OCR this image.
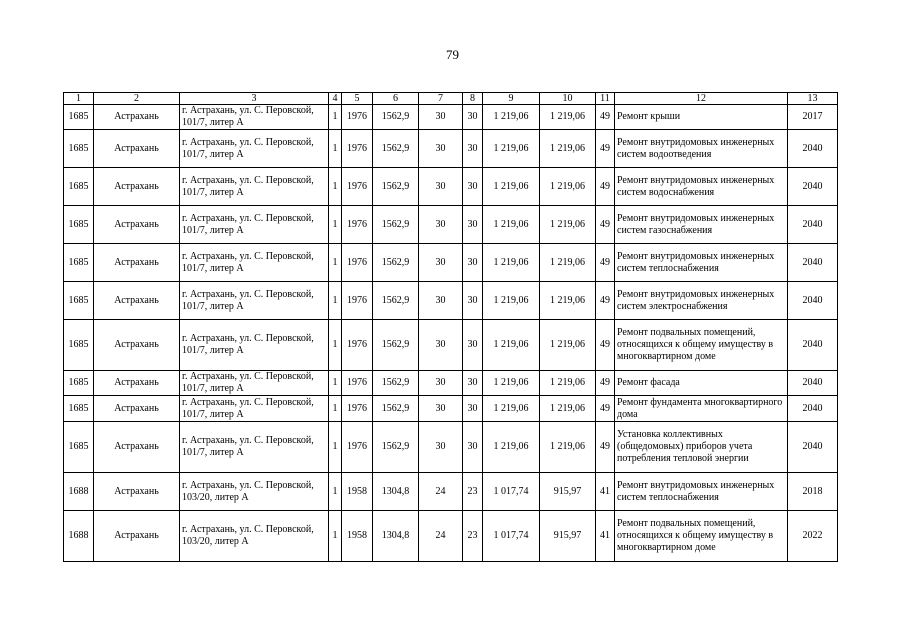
79
1	2	3	4	5	6	7	8	9	10	11	12	13
1685	Астрахань	г. Астрахань, ул. С. Перовской, 101/7, литер А	1	1976	1562,9	30	30	1 219,06	1 219,06	49	Ремонт крыши	2017
1685	Астрахань	г. Астрахань, ул. С. Перовской, 101/7, литер А	1	1976	1562,9	30	30	1 219,06	1 219,06	49	Ремонт внутридомовых инженерных систем водоотведения	2040
1685	Астрахань	г. Астрахань, ул. С. Перовской, 101/7, литер А	1	1976	1562,9	30	30	1 219,06	1 219,06	49	Ремонт внутридомовых инженерных систем водоснабжения	2040
1685	Астрахань	г. Астрахань, ул. С. Перовской, 101/7, литер А	1	1976	1562,9	30	30	1 219,06	1 219,06	49	Ремонт внутридомовых инженерных систем газоснабжения	2040
1685	Астрахань	г. Астрахань, ул. С. Перовской, 101/7, литер А	1	1976	1562,9	30	30	1 219,06	1 219,06	49	Ремонт внутридомовых инженерных систем теплоснабжения	2040
1685	Астрахань	г. Астрахань, ул. С. Перовской, 101/7, литер А	1	1976	1562,9	30	30	1 219,06	1 219,06	49	Ремонт внутридомовых инженерных систем электроснабжения	2040
1685	Астрахань	г. Астрахань, ул. С. Перовской, 101/7, литер А	1	1976	1562,9	30	30	1 219,06	1 219,06	49	Ремонт подвальных помещений, относящихся к общему имуществу в многоквартирном доме	2040
1685	Астрахань	г. Астрахань, ул. С. Перовской, 101/7, литер А	1	1976	1562,9	30	30	1 219,06	1 219,06	49	Ремонт фасада	2040
1685	Астрахань	г. Астрахань, ул. С. Перовской, 101/7, литер А	1	1976	1562,9	30	30	1 219,06	1 219,06	49	Ремонт фундамента многоквартирного дома	2040
1685	Астрахань	г. Астрахань, ул. С. Перовской, 101/7, литер А	1	1976	1562,9	30	30	1 219,06	1 219,06	49	Установка коллективных (общедомовых) приборов учета потребления тепловой энергии	2040
1688	Астрахань	г. Астрахань, ул. С. Перовской, 103/20, литер А	1	1958	1304,8	24	23	1 017,74	915,97	41	Ремонт внутридомовых инженерных систем теплоснабжения	2018
1688	Астрахань	г. Астрахань, ул. С. Перовской, 103/20, литер А	1	1958	1304,8	24	23	1 017,74	915,97	41	Ремонт подвальных помещений, относящихся к общему имуществу в многоквартирном доме	2022
